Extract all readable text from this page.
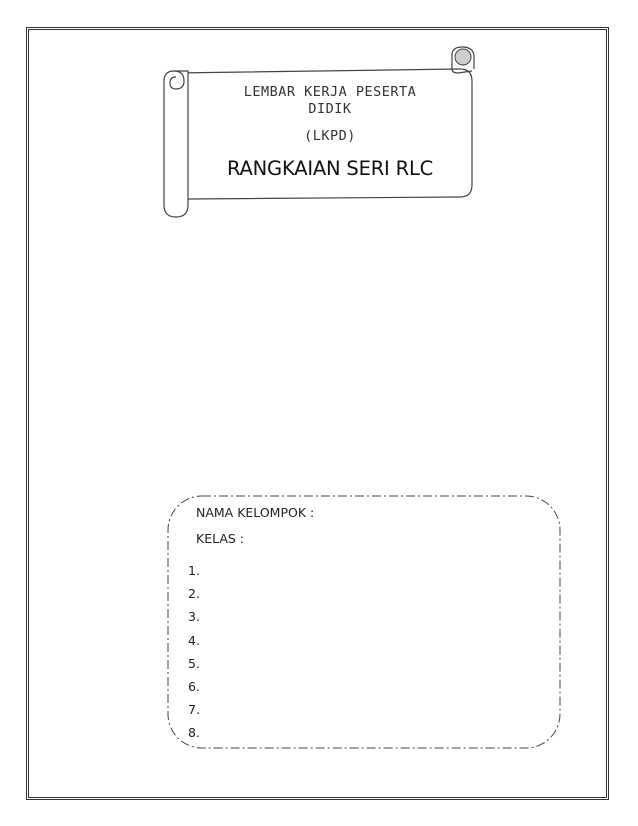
LEMBAR KERJA PESERTA
DIDIK
(LKPD)
RANGKAIAN SERI RLC
NAMA KELOMPOK :
KELAS :
1.
2.
3.
4.
5.
6.
7.
8.
